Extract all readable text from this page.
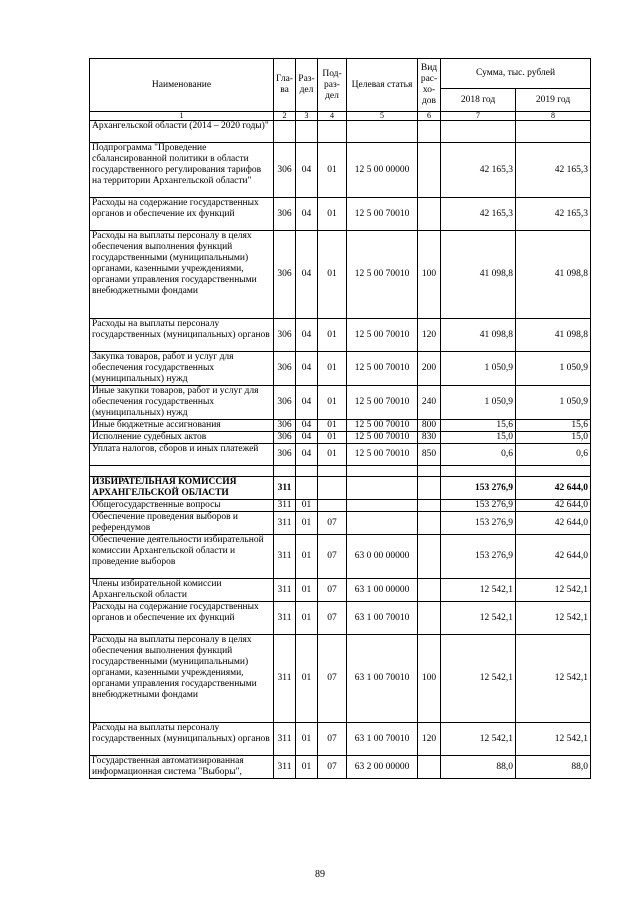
Наименование	Гла-ва	Раз-дел	Под-раз-дел	Целевая статья	Вид рас-хо-дов	Сумма, тыс. рублей	
						2018 год	2019 год
1	2	3	4	5	6	7	8
Архангельской области (2014 – 2020 годы)"							
Подпрограмма "Проведение сбалансированной политики в области государственного регулирования тарифов на территории Архангельской области"	306	04	01	12 5 00 00000		42 165,3	42 165,3
Расходы на содержание государственных органов и обеспечение их функций	306	04	01	12 5 00 70010		42 165,3	42 165,3
Расходы на выплаты персоналу в целях обеспечения выполнения функций государственными (муниципальными) органами, казенными учреждениями, органами управления государственными внебюджетными фондами	306	04	01	12 5 00 70010	100	41 098,8	41 098,8
Расходы на выплаты персоналу государственных (муниципальных) органов	306	04	01	12 5 00 70010	120	41 098,8	41 098,8
Закупка товаров, работ и услуг для обеспечения государственных (муниципальных) нужд	306	04	01	12 5 00 70010	200	1 050,9	1 050,9
Иные закупки товаров, работ и услуг для обеспечения государственных (муниципальных) нужд	306	04	01	12 5 00 70010	240	1 050,9	1 050,9
Иные бюджетные ассигнования	306	04	01	12 5 00 70010	800	15,6	15,6
Исполнение судебных актов	306	04	01	12 5 00 70010	830	15,0	15,0
Уплата налогов, сборов и иных платежей	306	04	01	12 5 00 70010	850	0,6	0,6

ИЗБИРАТЕЛЬНАЯ КОМИССИЯ АРХАНГЕЛЬСКОЙ ОБЛАСТИ	311					153 276,9	42 644,0
Общегосударственные вопросы	311	01				153 276,9	42 644,0
Обеспечение проведения выборов и референдумов	311	01	07			153 276,9	42 644,0
Обеспечение деятельности избирательной комиссии Архангельской области и проведение выборов	311	01	07	63 0 00 00000		153 276,9	42 644,0
Члены избирательной комиссии Архангельской области	311	01	07	63 1 00 00000		12 542,1	12 542,1
Расходы на содержание государственных органов и обеспечение их функций	311	01	07	63 1 00 70010		12 542,1	12 542,1
Расходы на выплаты персоналу в целях обеспечения выполнения функций государственными (муниципальными) органами, казенными учреждениями, органами управления государственными внебюджетными фондами	311	01	07	63 1 00 70010	100	12 542,1	12 542,1
Расходы на выплаты персоналу государственных (муниципальных) органов	311	01	07	63 1 00 70010	120	12 542,1	12 542,1
Государственная автоматизированная информационная система "Выборы",	311	01	07	63 2 00 00000		88,0	88,0
89
